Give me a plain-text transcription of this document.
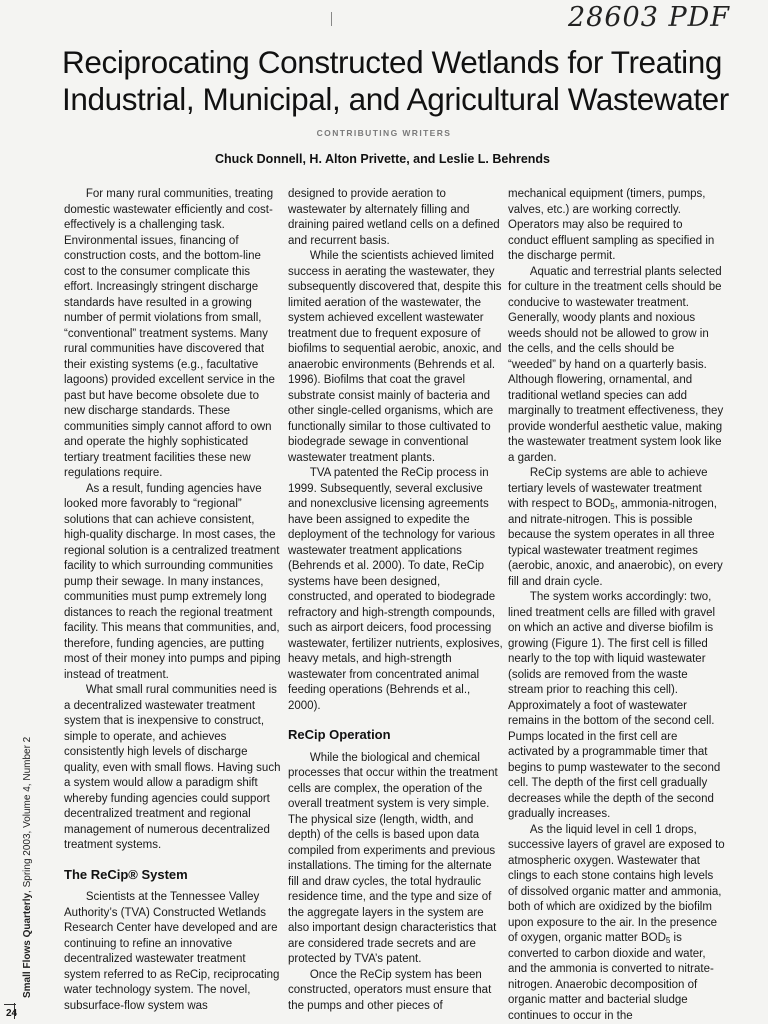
28603 PDF
Reciprocating Constructed Wetlands for Treating
Industrial, Municipal, and Agricultural Wastewater
CONTRIBUTING WRITERS
Chuck Donnell, H. Alton Privette, and Leslie L. Behrends

For many rural communities, treating domestic wastewater efficiently and cost-effectively is a challenging task. Environmental issues, financing of construction costs, and the bottom-line cost to the consumer complicate this effort. Increasingly stringent discharge standards have resulted in a growing number of permit violations from small, “conventional” treatment systems. Many rural communities have discovered that their existing systems (e.g., facultative lagoons) provided excellent service in the past but have become obsolete due to new discharge standards. These communities simply cannot afford to own and operate the highly sophisticated tertiary treatment facilities these new regulations require.

As a result, funding agencies have looked more favorably to “regional” solutions that can achieve consistent, high-quality discharge. In most cases, the regional solution is a centralized treatment facility to which surrounding communities pump their sewage. In many instances, communities must pump extremely long distances to reach the regional treatment facility. This means that communities, and, therefore, funding agencies, are putting most of their money into pumps and piping instead of treatment.

What small rural communities need is a decentralized wastewater treatment system that is inexpensive to construct, simple to operate, and achieves consistently high levels of discharge quality, even with small flows. Having such a system would allow a paradigm shift whereby funding agencies could support decentralized treatment and regional management of numerous decentralized treatment systems.

The ReCip® System

Scientists at the Tennessee Valley Authority’s (TVA) Constructed Wetlands Research Center have developed and are continuing to refine an innovative decentralized wastewater treatment system referred to as ReCip, reciprocating water technology system. The novel, subsurface-flow system was

designed to provide aeration to wastewater by alternately filling and draining paired wetland cells on a defined and recurrent basis.

While the scientists achieved limited success in aerating the wastewater, they subsequently discovered that, despite this limited aeration of the wastewater, the system achieved excellent wastewater treatment due to frequent exposure of biofilms to sequential aerobic, anoxic, and anaerobic environments (Behrends et al. 1996). Biofilms that coat the gravel substrate consist mainly of bacteria and other single-celled organisms, which are functionally similar to those cultivated to biodegrade sewage in conventional wastewater treatment plants.

TVA patented the ReCip process in 1999. Subsequently, several exclusive and nonexclusive licensing agreements have been assigned to expedite the deployment of the technology for various wastewater treatment applications (Behrends et al. 2000). To date, ReCip systems have been designed, constructed, and operated to biodegrade refractory and high-strength compounds, such as airport deicers, food processing wastewater, fertilizer nutrients, explosives, heavy metals, and high-strength wastewater from concentrated animal feeding operations (Behrends et al., 2000).

ReCip Operation

While the biological and chemical processes that occur within the treatment cells are complex, the operation of the overall treatment system is very simple. The physical size (length, width, and depth) of the cells is based upon data compiled from experiments and previous installations. The timing for the alternate fill and draw cycles, the total hydraulic residence time, and the type and size of the aggregate layers in the system are also important design characteristics that are considered trade secrets and are protected by TVA’s patent.

Once the ReCip system has been constructed, operators must ensure that the pumps and other pieces of

mechanical equipment (timers, pumps, valves, etc.) are working correctly. Operators may also be required to conduct effluent sampling as specified in the discharge permit.

Aquatic and terrestrial plants selected for culture in the treatment cells should be conducive to wastewater treatment. Generally, woody plants and noxious weeds should not be allowed to grow in the cells, and the cells should be “weeded” by hand on a quarterly basis. Although flowering, ornamental, and traditional wetland species can add marginally to treatment effectiveness, they provide wonderful aesthetic value, making the wastewater treatment system look like a garden.

ReCip systems are able to achieve tertiary levels of wastewater treatment with respect to $BOD_5$, ammonia-nitrogen, and nitrate-nitrogen. This is possible because the system operates in all three typical wastewater treatment regimes (aerobic, anoxic, and anaerobic), on every fill and drain cycle.

The system works accordingly: two, lined treatment cells are filled with gravel on which an active and diverse biofilm is growing (Figure 1). The first cell is filled nearly to the top with liquid wastewater (solids are removed from the waste stream prior to reaching this cell). Approximately a foot of wastewater remains in the bottom of the second cell. Pumps located in the first cell are activated by a programmable timer that begins to pump wastewater to the second cell. The depth of the first cell gradually decreases while the depth of the second gradually increases.

As the liquid level in cell 1 drops, successive layers of gravel are exposed to atmospheric oxygen. Wastewater that clings to each stone contains high levels of dissolved organic matter and ammonia, both of which are oxidized by the biofilm upon exposure to the air. In the presence of oxygen, organic matter $BOD_5$ is converted to carbon dioxide and water, and the ammonia is converted to nitrate-nitrogen. Anaerobic decomposition of organic matter and bacterial sludge continues to occur in the

Small Flows Quarterly, Spring 2003, Volume 4, Number 2
24
